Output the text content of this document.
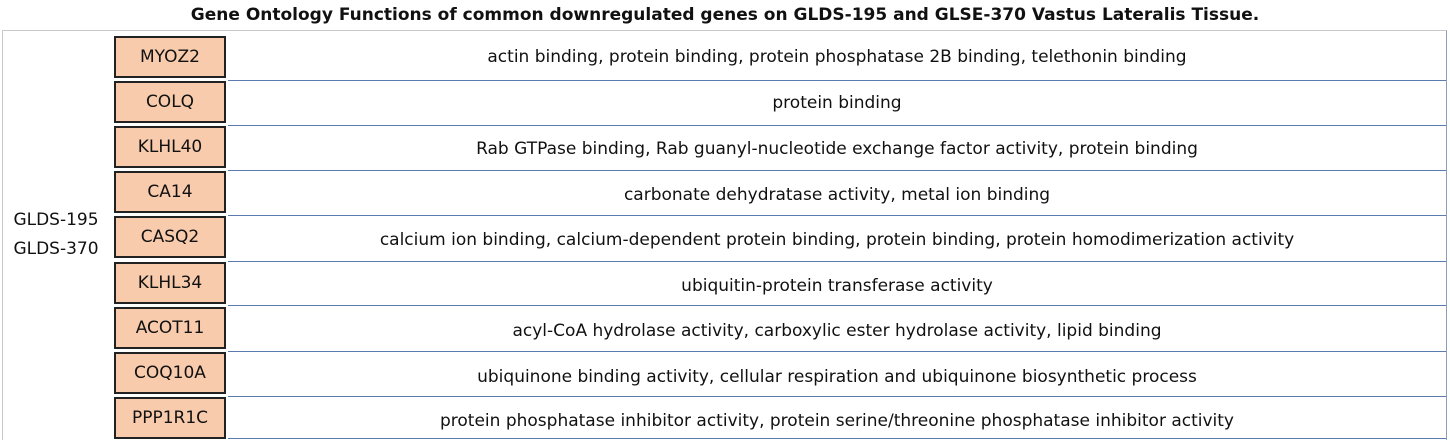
Gene Ontology Functions of common downregulated genes on GLDS-195 and GLSE-370 Vastus Lateralis Tissue.
GLDS-195
GLDS-370
MYOZ2	actin binding, protein binding, protein phosphatase 2B binding, telethonin binding
COLQ	protein binding
KLHL40	Rab GTPase binding, Rab guanyl-nucleotide exchange factor activity, protein binding
CA14	carbonate dehydratase activity, metal ion binding
CASQ2	calcium ion binding, calcium-dependent protein binding, protein binding, protein homodimerization activity
KLHL34	ubiquitin-protein transferase activity
ACOT11	acyl-CoA hydrolase activity, carboxylic ester hydrolase activity, lipid binding
COQ10A	ubiquinone binding activity, cellular respiration and ubiquinone biosynthetic process
PPP1R1C	protein phosphatase inhibitor activity, protein serine/threonine phosphatase inhibitor activity
